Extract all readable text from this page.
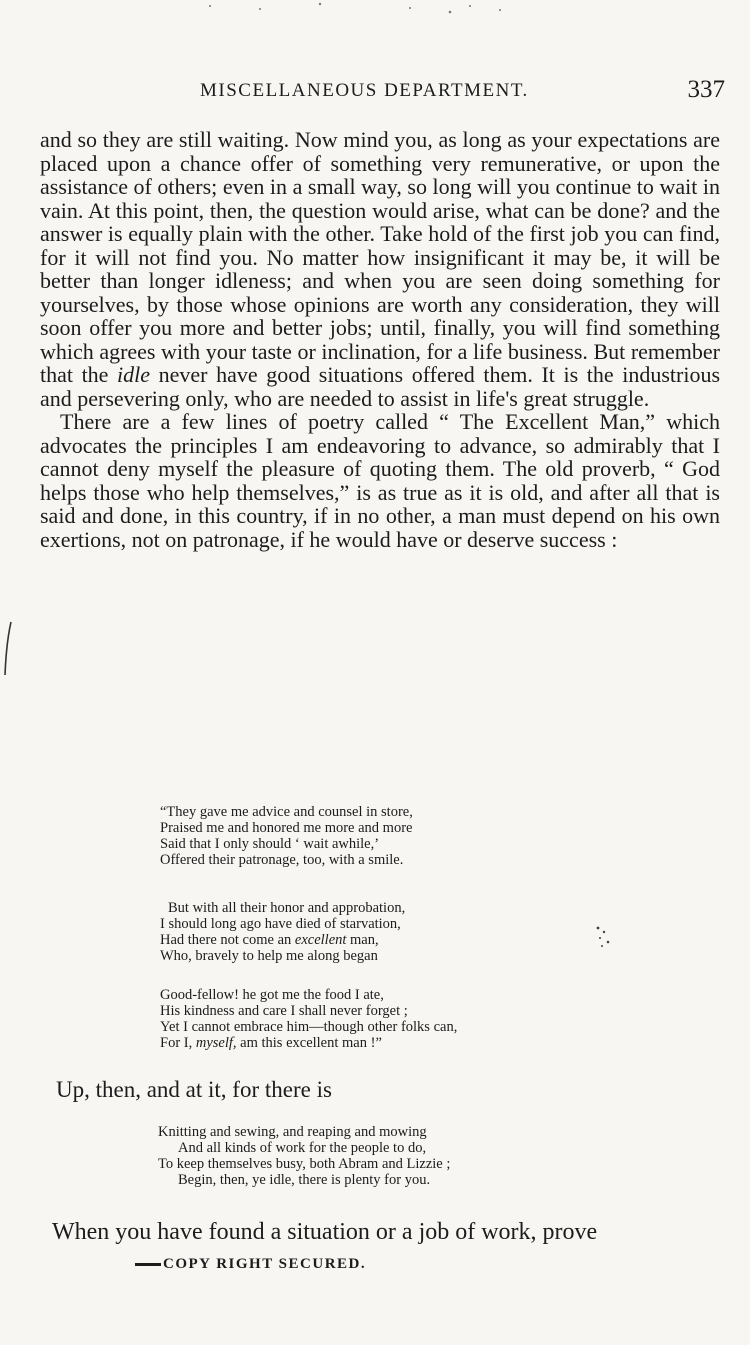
MISCELLANEOUS DEPARTMENT.	337

and so they are still waiting. Now mind you, as long as your expectations are placed upon a chance offer of something very remunerative, or upon the assistance of others; even in a small way, so long will you continue to wait in vain. At this point, then, the question would arise, what can be done? and the answer is equally plain with the other. Take hold of the first job you can find, for it will not find you. No matter how insignificant it may be, it will be better than longer idleness; and when you are seen doing something for yourselves, by those whose opinions are worth any consideration, they will soon offer you more and better jobs; until, finally, you will find something which agrees with your taste or inclination, for a life business. But remember that the idle never have good situations offered them. It is the industrious and persevering only, who are needed to assist in life's great struggle.

There are a few lines of poetry called “ The Excellent Man,” which advocates the principles I am endeavoring to advance, so admirably that I cannot deny myself the pleasure of quoting them. The old proverb, “ God helps those who help themselves,” is as true as it is old, and after all that is said and done, in this country, if in no other, a man must depend on his own exertions, not on patronage, if he would have or deserve success :

“They gave me advice and counsel in store,
Praised me and honored me more and more
Said that I only should ‘ wait awhile,’
Offered their patronage, too, with a smile.
But with all their honor and approbation,
I should long ago have died of starvation,
Had there not come an excellent man,
Who, bravely to help me along began
Good-fellow! he got me the food I ate,
His kindness and care I shall never forget ;
Yet I cannot embrace him—though other folks can,
For I, myself, am this excellent man !”

Up, then, and at it, for there is

Knitting and sewing, and reaping and mowing
And all kinds of work for the people to do,
To keep themselves busy, both Abram and Lizzie ;
Begin, then, ye idle, there is plenty for you.

When you have found a situation or a job of work, prove

COPY RIGHT SECURED.
